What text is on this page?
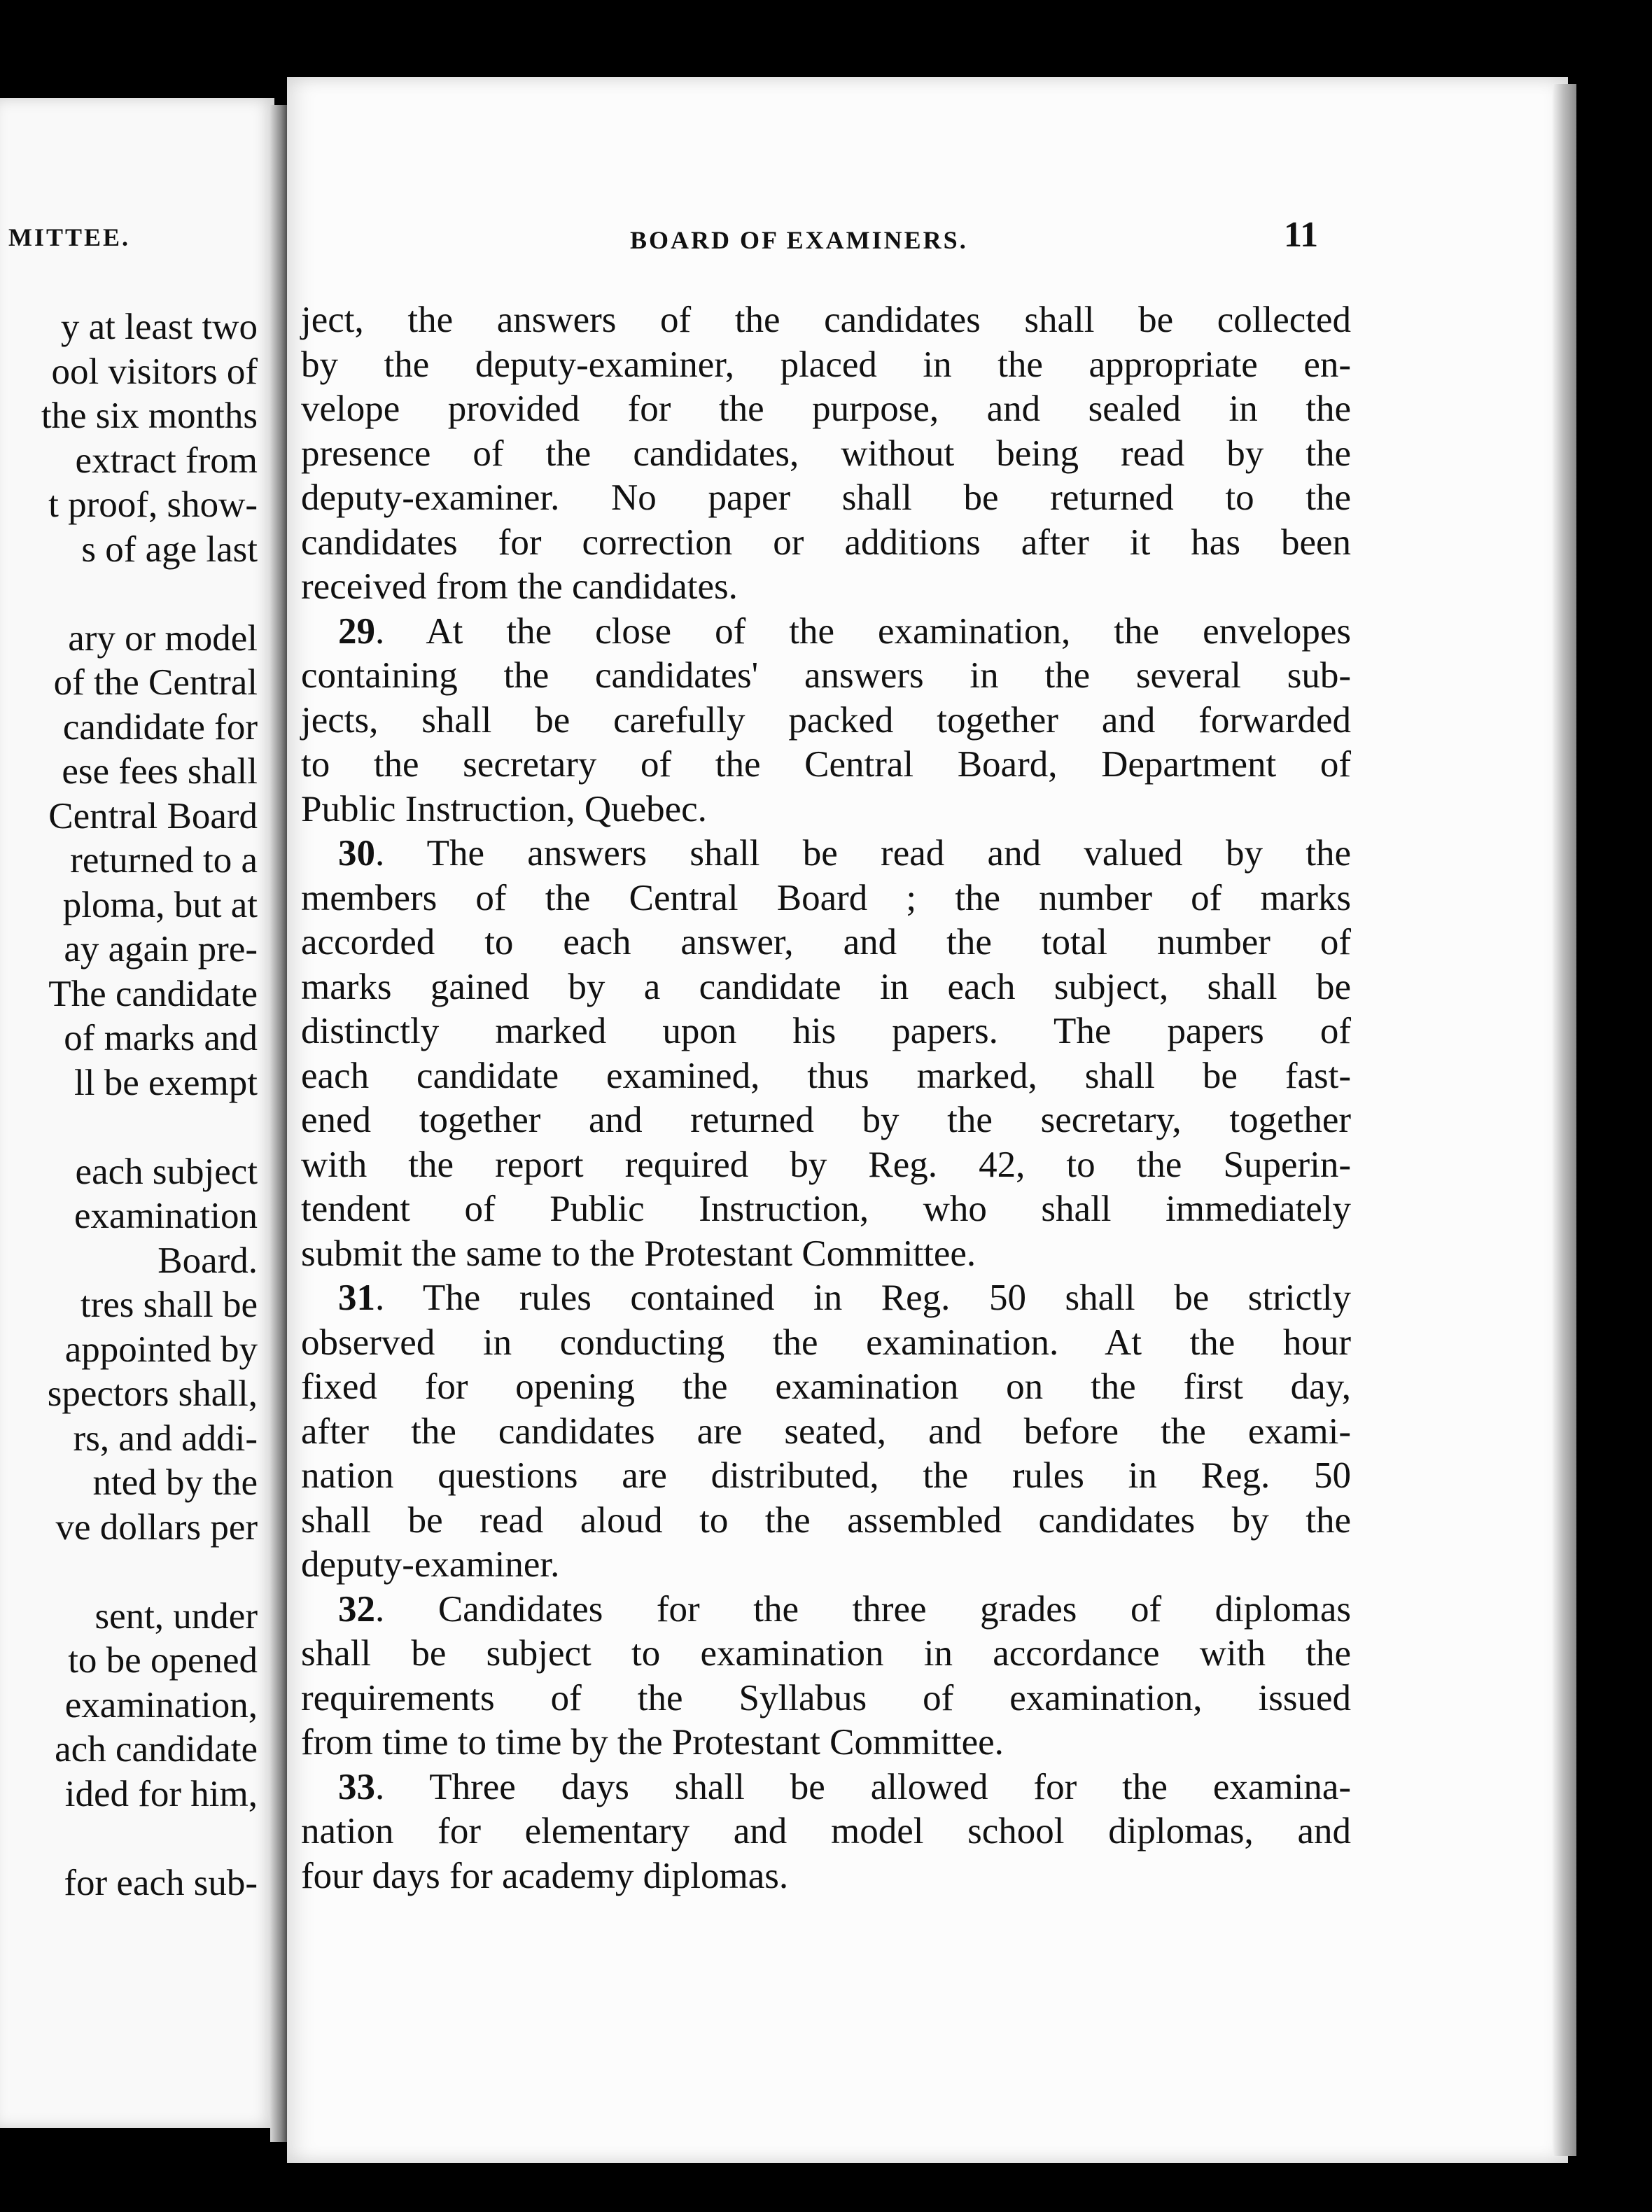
MITTEE.
y at least two
ool visitors of
the six months
extract from
t proof, show-
s of age last
ary or model
of the Central
candidate for
ese fees shall
Central Board
returned to a
ploma, but at
ay again pre-
The candidate
of marks and
ll be exempt
each subject
examination
Board.
tres shall be
appointed by
spectors shall,
rs, and addi-
nted by the
ve dollars per
sent, under
to be opened
examination,
ach candidate
ided for him,
for each sub-
BOARD OF EXAMINERS.	11
ject, the answers of the candidates shall be collected
by the deputy-examiner, placed in the appropriate en-
velope provided for the purpose, and sealed in the
presence of the candidates, without being read by the
deputy-examiner. No paper shall be returned to the
candidates for correction or additions after it has been
received from the candidates.
 29. At the close of the examination, the envelopes
containing the candidates' answers in the several sub-
jects, shall be carefully packed together and forwarded
to the secretary of the Central Board, Department of
Public Instruction, Quebec.
 30. The answers shall be read and valued by the
members of the Central Board ; the number of marks
accorded to each answer, and the total number of
marks gained by a candidate in each subject, shall be
distinctly marked upon his papers. The papers of
each candidate examined, thus marked, shall be fast-
ened together and returned by the secretary, together
with the report required by Reg. 42, to the Superin-
tendent of Public Instruction, who shall immediately
submit the same to the Protestant Committee.
 31. The rules contained in Reg. 50 shall be strictly
observed in conducting the examination. At the hour
fixed for opening the examination on the first day,
after the candidates are seated, and before the exami-
nation questions are distributed, the rules in Reg. 50
shall be read aloud to the assembled candidates by the
deputy-examiner.
 32. Candidates for the three grades of diplomas
shall be subject to examination in accordance with the
requirements of the Syllabus of examination, issued
from time to time by the Protestant Committee.
 33. Three days shall be allowed for the examina-
nation for elementary and model school diplomas, and
four days for academy diplomas.
